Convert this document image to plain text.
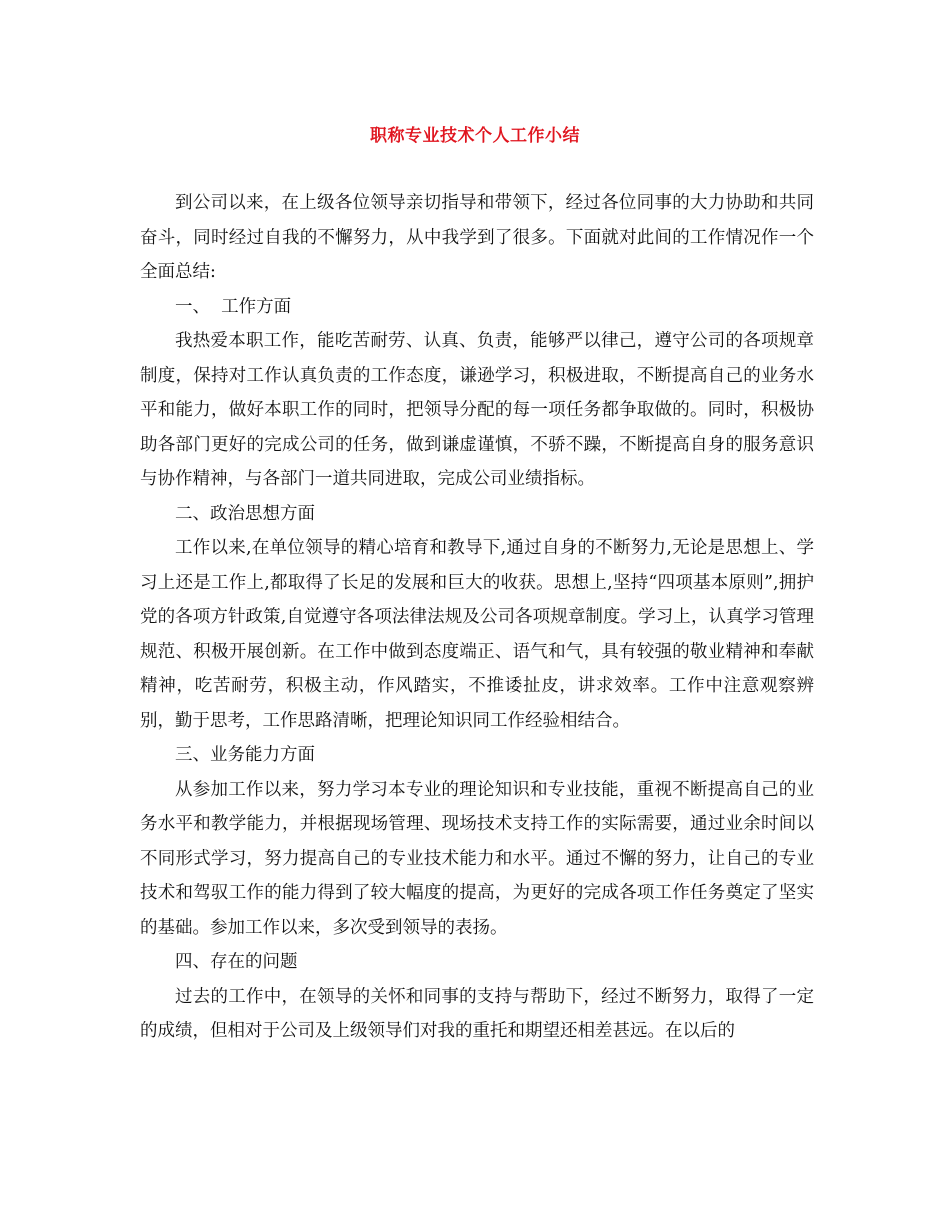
职称专业技术个人工作小结

到公司以来，在上级各位领导亲切指导和带领下，经过各位同事的大力协助和共同奋斗，同时经过自我的不懈努力，从中我学到了很多。下面就对此间的工作情况作一个全面总结:

一、  工作方面

我热爱本职工作，能吃苦耐劳、认真、负责，能够严以律己，遵守公司的各项规章制度，保持对工作认真负责的工作态度，谦逊学习，积极进取，不断提高自己的业务水平和能力，做好本职工作的同时，把领导分配的每一项任务都争取做的。同时，积极协助各部门更好的完成公司的任务，做到谦虚谨慎，不骄不躁，不断提高自身的服务意识与协作精神，与各部门一道共同进取，完成公司业绩指标。

二、政治思想方面

工作以来,在单位领导的精心培育和教导下,通过自身的不断努力,无论是思想上、学习上还是工作上,都取得了长足的发展和巨大的收获。思想上,坚持“四项基本原则”,拥护党的各项方针政策,自觉遵守各项法律法规及公司各项规章制度。学习上，认真学习管理规范、积极开展创新。在工作中做到态度端正、语气和气，具有较强的敬业精神和奉献精神，吃苦耐劳，积极主动，作风踏实，不推诿扯皮，讲求效率。工作中注意观察辨别，勤于思考，工作思路清晰，把理论知识同工作经验相结合。

三、业务能力方面

从参加工作以来，努力学习本专业的理论知识和专业技能，重视不断提高自己的业务水平和教学能力，并根据现场管理、现场技术支持工作的实际需要，通过业余时间以不同形式学习，努力提高自己的专业技术能力和水平。通过不懈的努力，让自己的专业技术和驾驭工作的能力得到了较大幅度的提高，为更好的完成各项工作任务奠定了坚实的基础。参加工作以来，多次受到领导的表扬。

四、存在的问题

过去的工作中，在领导的关怀和同事的支持与帮助下，经过不断努力，取得了一定的成绩，但相对于公司及上级领导们对我的重托和期望还相差甚远。在以后的
